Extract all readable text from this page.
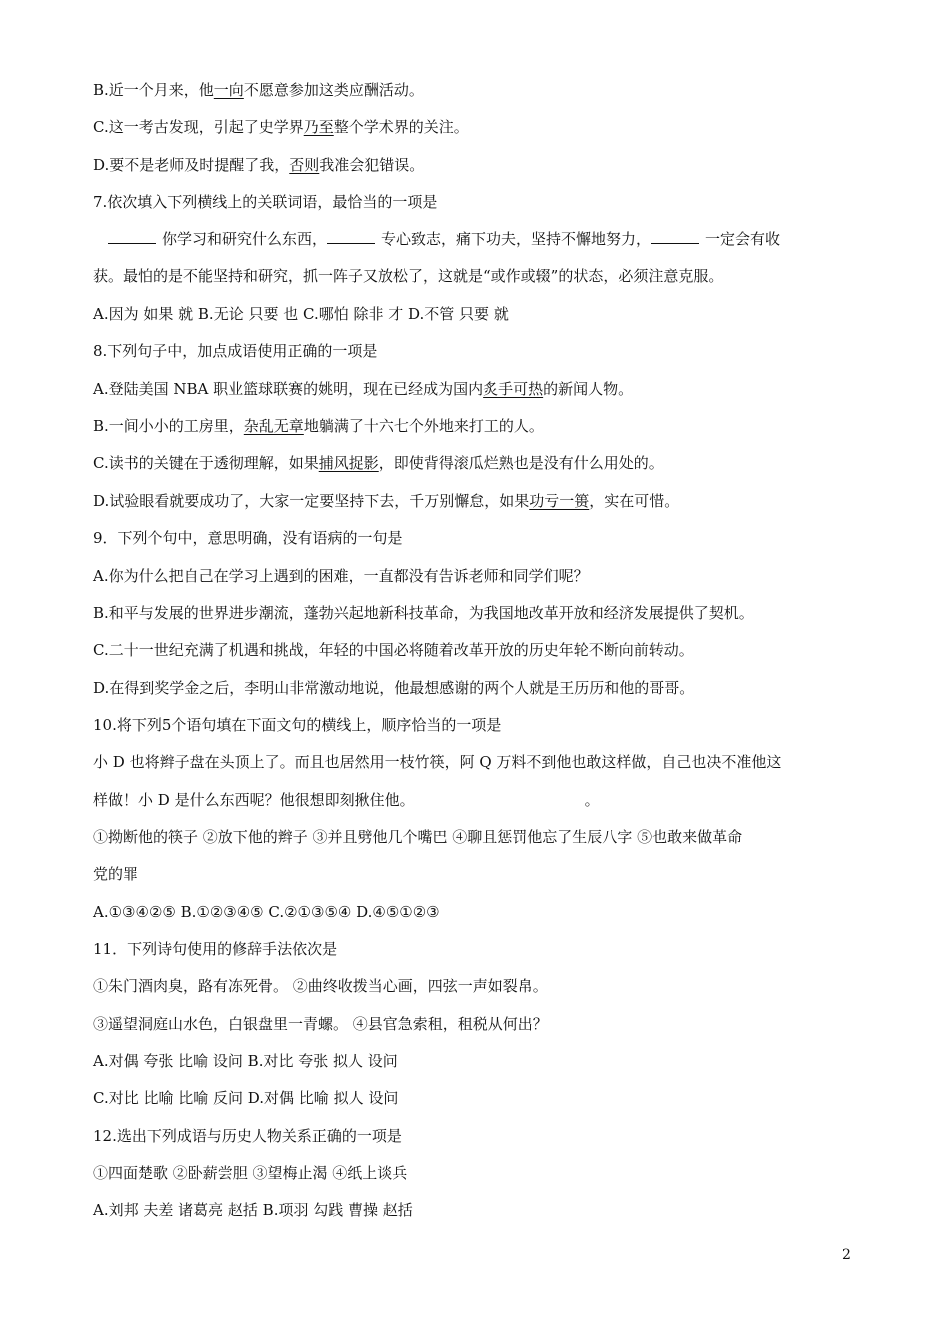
B.近一个月来，他一向不愿意参加这类应酬活动。
C.这一考古发现，引起了史学界乃至整个学术界的关注。
D.要不是老师及时提醒了我，否则我准会犯错误。
7.依次填入下列横线上的关联词语，最恰当的一项是
你学习和研究什么东西，	专心致志，痛下功夫，坚持不懈地努力，	一定会有收
获。最怕的是不能坚持和研究，抓一阵子又放松了，这就是“或作或辍”的状态，必须注意克服。
A.因为 如果 就 B.无论 只要 也 C.哪怕 除非 才 D.不管 只要 就
8.下列句子中，加点成语使用正确的一项是
A.登陆美国 NBA 职业篮球联赛的姚明，现在已经成为国内炙手可热的新闻人物。
B.一间小小的工房里，杂乱无章地躺满了十六七个外地来打工的人。
C.读书的关键在于透彻理解，如果捕风捉影，即使背得滚瓜烂熟也是没有什么用处的。
D.试验眼看就要成功了，大家一定要坚持下去，千万别懈怠，如果功亏一篑，实在可惜。
9．下列个句中，意思明确，没有语病的一句是
A.你为什么把自己在学习上遇到的困难，一直都没有告诉老师和同学们呢？
B.和平与发展的世界进步潮流，蓬勃兴起地新科技革命，为我国地改革开放和经济发展提供了契机。
C.二十一世纪充满了机遇和挑战，年轻的中国必将随着改革开放的历史年轮不断向前转动。
D.在得到奖学金之后，李明山非常激动地说，他最想感谢的两个人就是王历历和他的哥哥。
10.将下列5个语句填在下面文句的横线上，顺序恰当的一项是
小 D 也将辫子盘在头顶上了。而且也居然用一枝竹筷，阿 Q 万料不到他也敢这样做，自己也决不准他这
样做！小 D 是什么东西呢？他很想即刻揪住他。	。
①拗断他的筷子 ②放下他的辫子 ③并且劈他几个嘴巴 ④聊且惩罚他忘了生辰八字 ⑤也敢来做革命
党的罪
A.①③④②⑤ B.①②③④⑤ C.②①③⑤④ D.④⑤①②③
11．下列诗句使用的修辞手法依次是
①朱门酒肉臭，路有冻死骨。 ②曲终收拨当心画，四弦一声如裂帛。
③遥望洞庭山水色，白银盘里一青螺。 ④县官急索租，租税从何出？
A.对偶 夸张 比喻 设问 B.对比 夸张 拟人 设问
C.对比 比喻 比喻 反问 D.对偶 比喻 拟人 设问
12.选出下列成语与历史人物关系正确的一项是
①四面楚歌 ②卧薪尝胆 ③望梅止渴 ④纸上谈兵
A.刘邦 夫差 诸葛亮 赵括 B.项羽 勾践 曹操 赵括
2
